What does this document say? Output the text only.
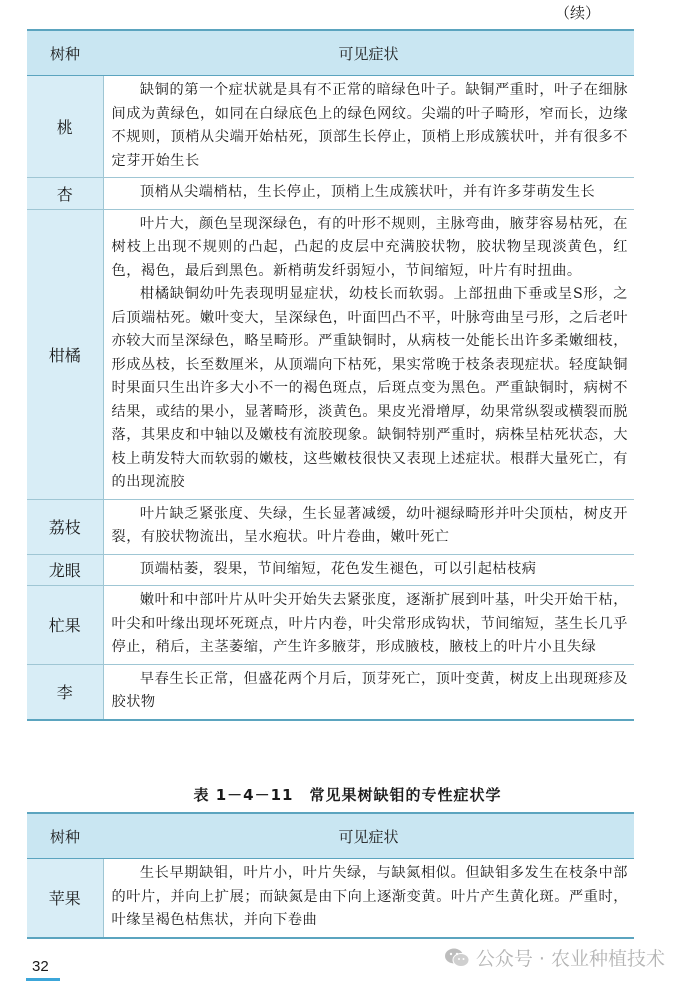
（续）
树种	可见症状
桃	缺铜的第一个症状就是具有不正常的暗绿色叶子。缺铜严重时，叶子在细脉间成为黄绿色，如同在白绿底色上的绿色网纹。尖端的叶子畸形，窄而长，边缘不规则，顶梢从尖端开始枯死，顶部生长停止，顶梢上形成簇状叶，并有很多不定芽开始生长

杏	顶梢从尖端梢枯，生长停止，顶梢上生成簇状叶，并有许多芽萌发生长

柑橘	叶片大，颜色呈现深绿色，有的叶形不规则，主脉弯曲，腋芽容易枯死，在树枝上出现不规则的凸起，凸起的皮层中充满胶状物，胶状物呈现淡黄色，红色，褐色，最后到黑色。新梢萌发纤弱短小，节间缩短，叶片有时扭曲。
柑橘缺铜幼叶先表现明显症状，幼枝长而软弱。上部扭曲下垂或呈S形，之后顶端枯死。嫩叶变大，呈深绿色，叶面凹凸不平，叶脉弯曲呈弓形，之后老叶亦较大而呈深绿色，略呈畸形。严重缺铜时，从病枝一处能长出许多柔嫩细枝，形成丛枝，长至数厘米，从顶端向下枯死，果实常晚于枝条表现症状。轻度缺铜时果面只生出许多大小不一的褐色斑点，后斑点变为黑色。严重缺铜时，病树不结果，或结的果小，显著畸形，淡黄色。果皮光滑增厚，幼果常纵裂或横裂而脱落，其果皮和中轴以及嫩枝有流胶现象。缺铜特别严重时，病株呈枯死状态，大枝上萌发特大而软弱的嫩枝，这些嫩枝很快又表现上述症状。根群大量死亡，有的出现流胶

荔枝	叶片缺乏紧张度、失绿，生长显著减缓，幼叶褪绿畸形并叶尖顶枯，树皮开裂，有胶状物流出，呈水疱状。叶片卷曲，嫩叶死亡

龙眼	顶端枯萎，裂果，节间缩短，花色发生褪色，可以引起枯枝病

杧果	嫩叶和中部叶片从叶尖开始失去紧张度，逐渐扩展到叶基，叶尖开始干枯，叶尖和叶缘出现坏死斑点，叶片内卷，叶尖常形成钩状，节间缩短，茎生长几乎停止，稍后，主茎萎缩，产生许多腋芽，形成腋枝，腋枝上的叶片小且失绿

李	早春生长正常，但盛花两个月后，顶芽死亡，顶叶变黄，树皮上出现斑疹及胶状物
表 1－4－11　常见果树缺钼的专性症状学
树种	可见症状
苹果	生长早期缺钼，叶片小，叶片失绿，与缺氮相似。但缺钼多发生在枝条中部的叶片，并向上扩展；而缺氮是由下向上逐渐变黄。叶片产生黄化斑。严重时，叶缘呈褐色枯焦状，并向下卷曲
32	公众号 · 农业种植技术
